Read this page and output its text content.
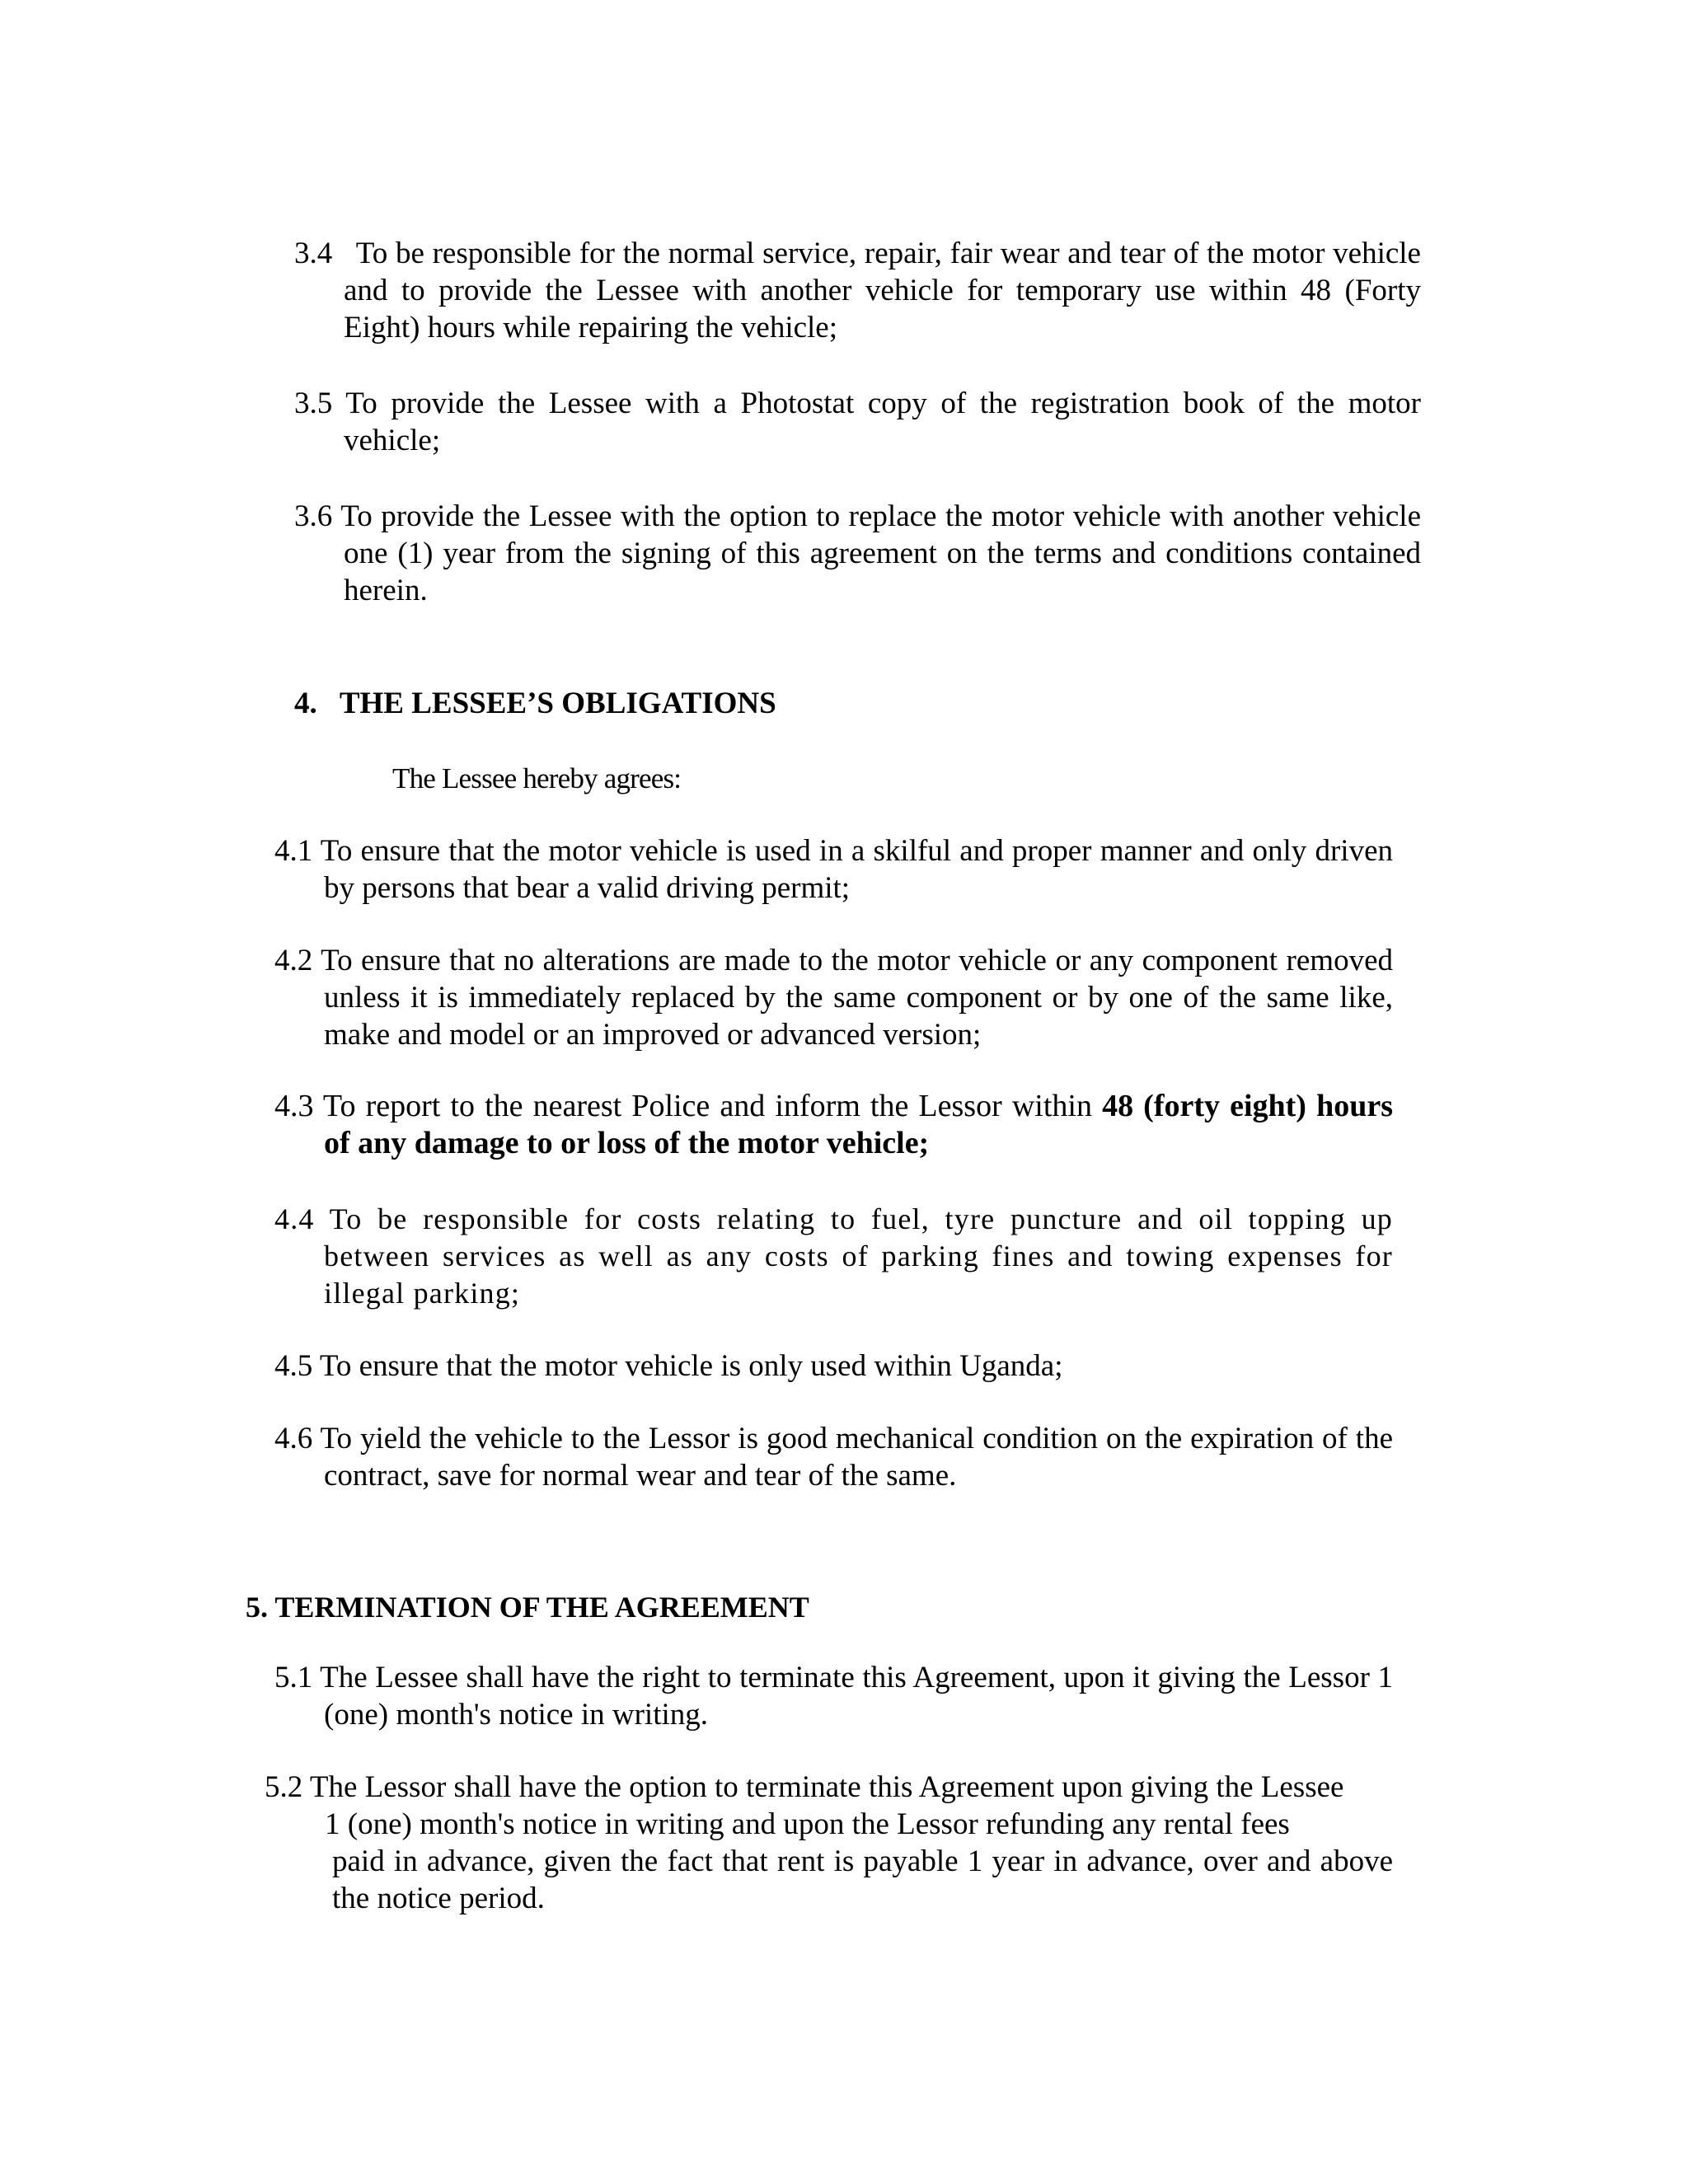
3.4 To be responsible for the normal service, repair, fair wear and tear of the motor vehicle and to provide the Lessee with another vehicle for temporary use within 48 (Forty Eight) hours while repairing the vehicle;

3.5 To provide the Lessee with a Photostat copy of the registration book of the motor vehicle;

3.6 To provide the Lessee with the option to replace the motor vehicle with another vehicle one (1) year from the signing of this agreement on the terms and conditions contained herein.

4. THE LESSEE’S OBLIGATIONS
The Lessee hereby agrees:

4.1 To ensure that the motor vehicle is used in a skilful and proper manner and only driven by persons that bear a valid driving permit;

4.2 To ensure that no alterations are made to the motor vehicle or any component removed unless it is immediately replaced by the same component or by one of the same like, make and model or an improved or advanced version;

4.3 To report to the nearest Police and inform the Lessor within 48 (forty eight) hours of any damage to or loss of the motor vehicle;

4.4 To be responsible for costs relating to fuel, tyre puncture and oil topping up between services as well as any costs of parking fines and towing expenses for illegal parking;

4.5 To ensure that the motor vehicle is only used within Uganda;

4.6 To yield the vehicle to the Lessor is good mechanical condition on the expiration of the contract, save for normal wear and tear of the same.

5. TERMINATION OF THE AGREEMENT

5.1 The Lessee shall have the right to terminate this Agreement, upon it giving the Lessor 1 (one) month's notice in writing.

5.2 The Lessor shall have the option to terminate this Agreement upon giving the Lessee
1 (one) month's notice in writing and upon the Lessor refunding any rental fees
paid in advance, given the fact that rent is payable 1 year in advance, over and above the notice period.
